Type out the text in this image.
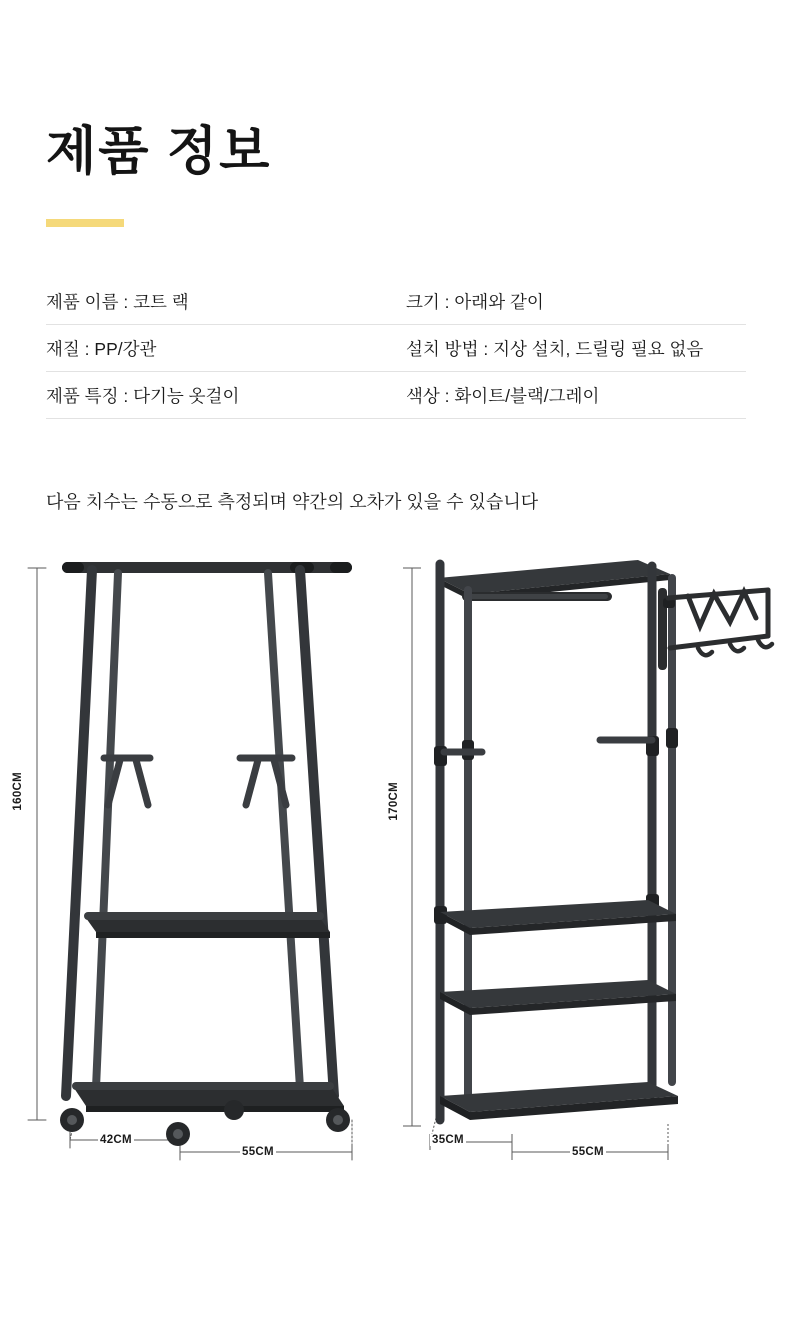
제품 정보
제품 이름 : 코트 랙	크기 : 아래와 같이
재질 : PP/강관	설치 방법 : 지상 설치, 드릴링 필요 없음
제품 특징 : 다기능 옷걸이	색상 : 화이트/블랙/그레이
다음 치수는 수동으로 측정되며 약간의 오차가 있을 수 있습니다
160CM
42CM
55CM
170CM
35CM
55CM
